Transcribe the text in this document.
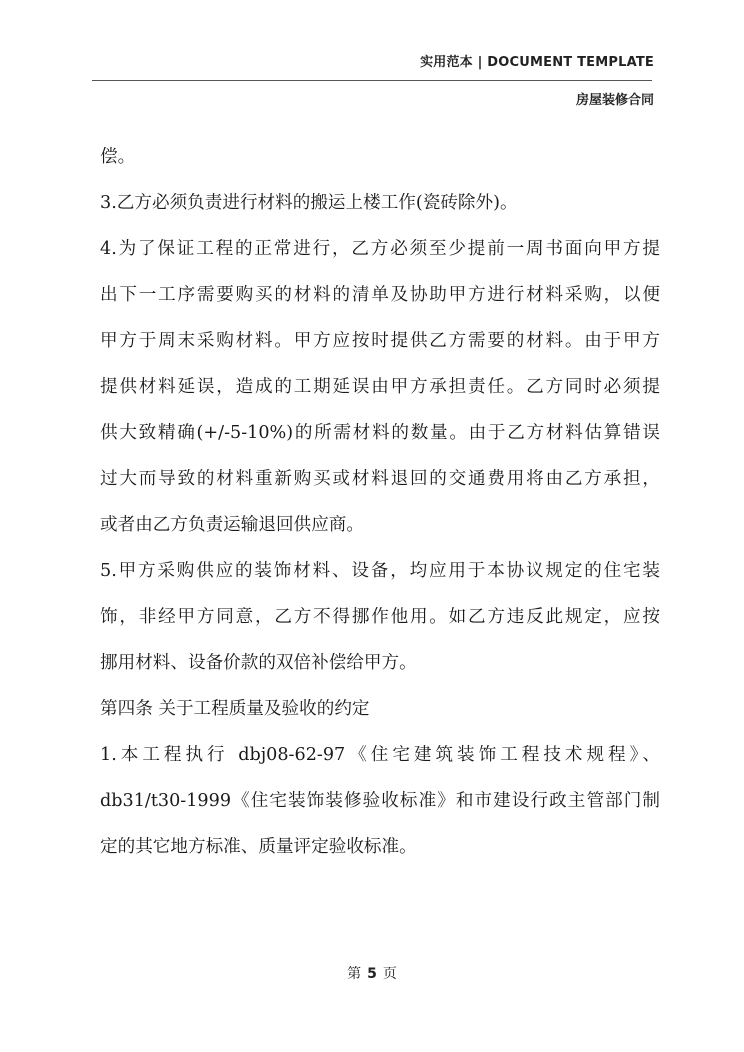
实用范本 | DOCUMENT TEMPLATE
房屋装修合同
偿。
3.乙方必须负责进行材料的搬运上楼工作(瓷砖除外)。
4.为了保证工程的正常进行，乙方必须至少提前一周书面向甲方提
出下一工序需要购买的材料的清单及协助甲方进行材料采购，以便
甲方于周末采购材料。甲方应按时提供乙方需要的材料。由于甲方
提供材料延误，造成的工期延误由甲方承担责任。乙方同时必须提
供大致精确(+/-5-10%)的所需材料的数量。由于乙方材料估算错误
过大而导致的材料重新购买或材料退回的交通费用将由乙方承担，
或者由乙方负责运输退回供应商。
5.甲方采购供应的装饰材料、设备，均应用于本协议规定的住宅装
饰，非经甲方同意，乙方不得挪作他用。如乙方违反此规定，应按
挪用材料、设备价款的双倍补偿给甲方。
第四条 关于工程质量及验收的约定
1.本工程执行 dbj08-62-97《住宅建筑装饰工程技术规程》、
db31/t30-1999《住宅装饰装修验收标准》和市建设行政主管部门制
定的其它地方标准、质量评定验收标准。
第 5 页
